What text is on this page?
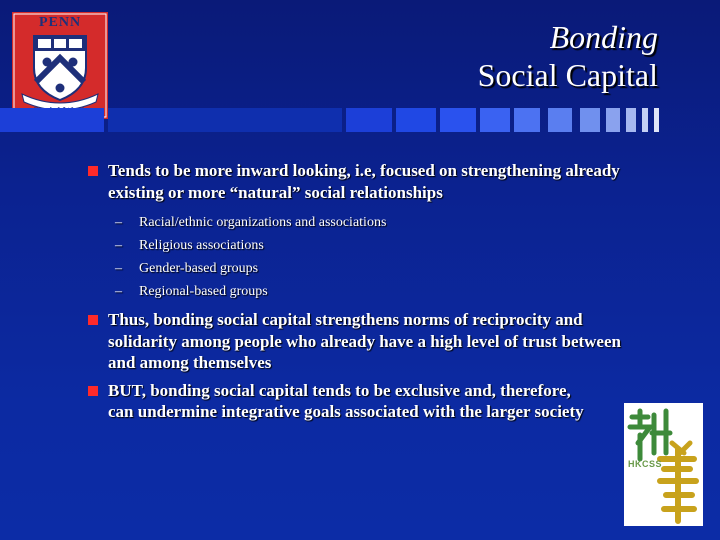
PENN	Bonding
Social Capital
Tends to be more inward looking, i.e, focused on strengthening already existing or more “natural” social relationships
– Racial/ethnic organizations and associations
– Religious associations
– Gender-based groups
– Regional-based groups
Thus, bonding social capital strengthens norms of reciprocity and solidarity among people who already have a high level of trust between and among themselves
BUT, bonding social capital tends to be exclusive and, therefore, can undermine integrative goals associated with the larger society
HKCSS
